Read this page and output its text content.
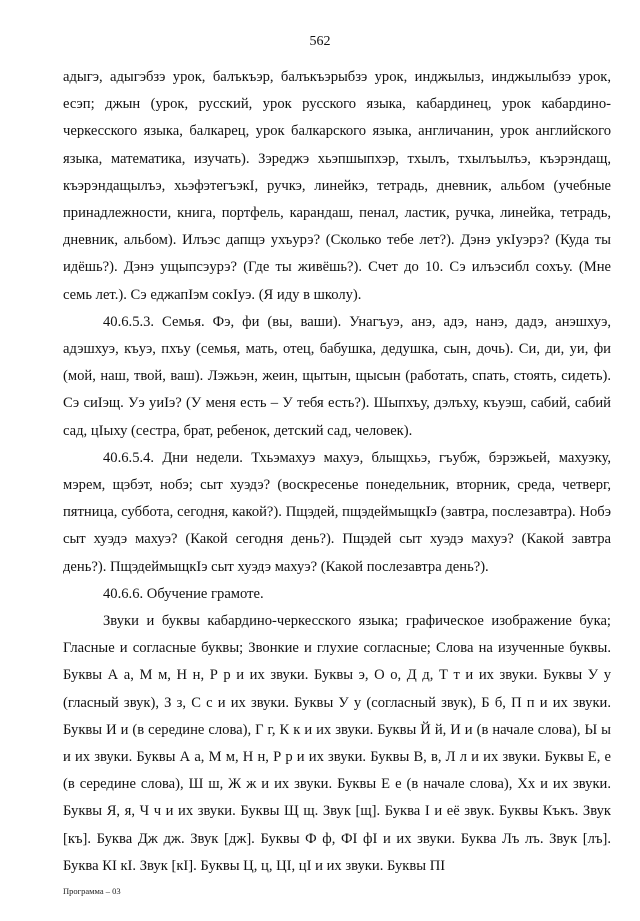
562

адыгэ, адыгэбзэ урок, балъкъэр, балъкъэрыбзэ урок, инджылыз, инджылыбзэ урок, есэп; джын (урок, русский, урок русского языка, кабардинец, урок кабардино-черкесского языка, балкарец, урок балкарского языка, англичанин, урок английского языка, математика, изучать). Зэреджэ хьэпшыпхэр, тхылъ, тхылъылъэ, къэрэндащ, къэрэндащылъэ, хьэфэтегъэкI, ручкэ, линейкэ, тетрадь, дневник, альбом (учебные принадлежности, книга, портфель, карандаш, пенал, ластик, ручка, линейка, тетрадь, дневник, альбом). Илъэс дапщэ ухъурэ? (Сколько тебе лет?). Дэнэ укIуэрэ? (Куда ты идёшь?). Дэнэ ущыпсэурэ? (Где ты живёшь?). Счет до 10. Сэ илъэсибл сохъу. (Мне семь лет.). Сэ еджапIэм сокIуэ. (Я иду в школу).

40.6.5.3. Семья. Фэ, фи (вы, ваши). Унагъуэ, анэ, адэ, нанэ, дадэ, анэшхуэ, адэшхуэ, къуэ, пхъу (семья, мать, отец, бабушка, дедушка, сын, дочь). Си, ди, уи, фи (мой, наш, твой, ваш). Лэжьэн, жеин, щытын, щысын (работать, спать, стоять, сидеть). Сэ сиIэщ. Уэ уиIэ? (У меня есть – У тебя есть?). Шыпхъу, дэлъху, къуэш, сабий, сабий сад, цIыху (сестра, брат, ребенок, детский сад, человек).

40.6.5.4. Дни недели. Тхьэмахуэ махуэ, блыщхьэ, гъубж, бэрэжьей, махуэку, мэрем, щэбэт, нобэ; сыт хуэдэ? (воскресенье понедельник, вторник, среда, четверг, пятница, суббота, сегодня, какой?). Пщэдей, пщэдеймыщкIэ (завтра, послезавтра). Нобэ сыт хуэдэ махуэ? (Какой сегодня день?). Пщэдей сыт хуэдэ махуэ? (Какой завтра день?). ПщэдеймыщкIэ сыт хуэдэ махуэ? (Какой послезавтра день?).

40.6.6. Обучение грамоте.

Звуки и буквы кабардино-черкесского языка; графическое изображение бука; Гласные и согласные буквы; Звонкие и глухие согласные; Слова на изученные буквы. Буквы А а, М м, Н н, Р р и их звуки. Буквы э, О о, Д д, Т т и их звуки. Буквы У у (гласный звук), З з, С с и их звуки. Буквы У у (согласный звук), Б б, П п и их звуки. Буквы И и (в середине слова), Г г, К к и их звуки. Буквы Й й, И и (в начале слова), Ы ы и их звуки. Буквы А а, М м, Н н, Р р и их звуки. Буквы В, в, Л л и их звуки. Буквы Е, е (в середине слова), Ш ш, Ж ж и их звуки. Буквы Е е (в начале слова), Хх и их звуки. Буквы Я, я, Ч ч и их звуки. Буквы Щ щ. Звук [щ]. Буква I и её звук. Буквы Къкъ. Звук [къ]. Буква Дж дж. Звук [дж]. Буквы Ф ф, ФI фI и их звуки. Буква Лъ лъ. Звук [лъ]. Буква КI кI. Звук [кI]. Буквы Ц, ц, ЦI, цI и их звуки. Буквы ПI

Программа – 03
